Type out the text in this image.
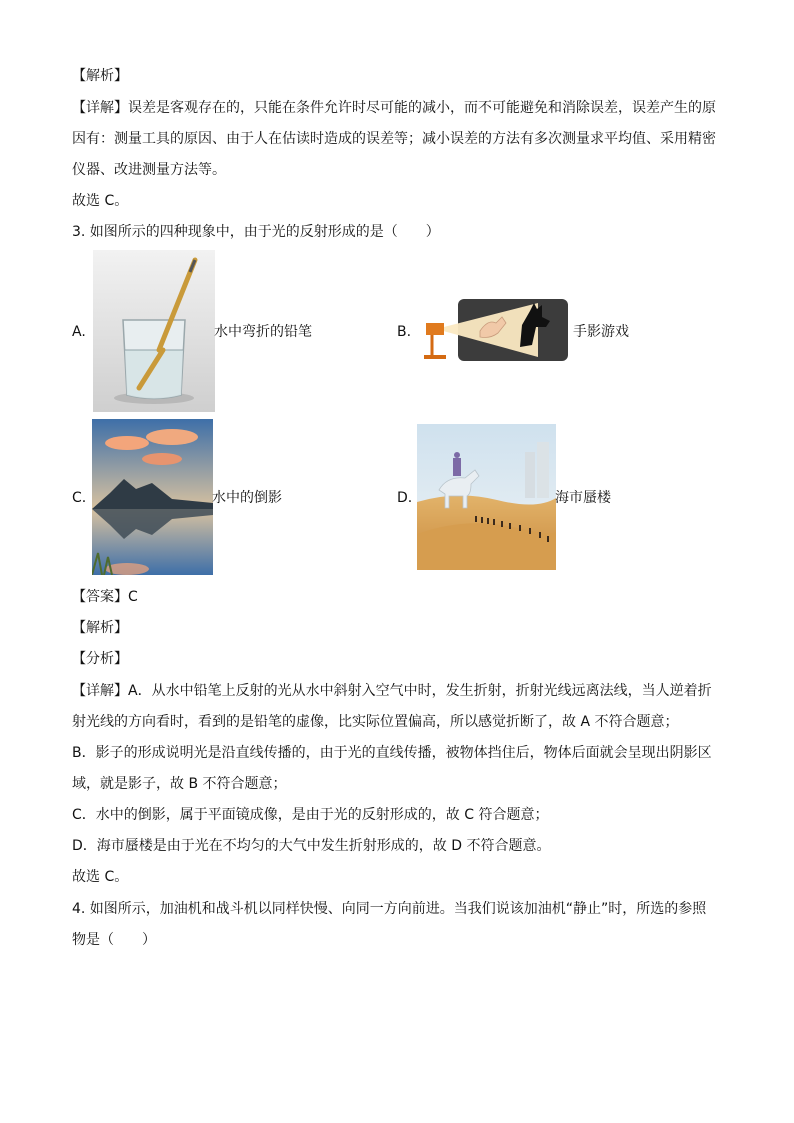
【解析】
【详解】误差是客观存在的，只能在条件允许时尽可能的减小，而不可能避免和消除误差，误差产生的原
因有：测量工具的原因、由于人在估读时造成的误差等；减小误差的方法有多次测量求平均值、采用精密
仪器、改进测量方法等。
故选 C。
3. 如图所示的四种现象中，由于光的反射形成的是（　　）
A.	水中弯折的铅笔	B.	手影游戏
C.	水中的倒影	D.	海市蜃楼
【答案】C
【解析】
【分析】
【详解】A．从水中铅笔上反射的光从水中斜射入空气中时，发生折射，折射光线远离法线，当人逆着折
射光线的方向看时，看到的是铅笔的虚像，比实际位置偏高，所以感觉折断了，故 A 不符合题意；
B．影子的形成说明光是沿直线传播的，由于光的直线传播，被物体挡住后，物体后面就会呈现出阴影区
域，就是影子，故 B 不符合题意；
C．水中的倒影，属于平面镜成像，是由于光的反射形成的，故 C 符合题意；
D．海市蜃楼是由于光在不均匀的大气中发生折射形成的，故 D 不符合题意。
故选 C。
4. 如图所示，加油机和战斗机以同样快慢、向同一方向前进。当我们说该加油机“静止”时，所选的参照
物是（　　）
